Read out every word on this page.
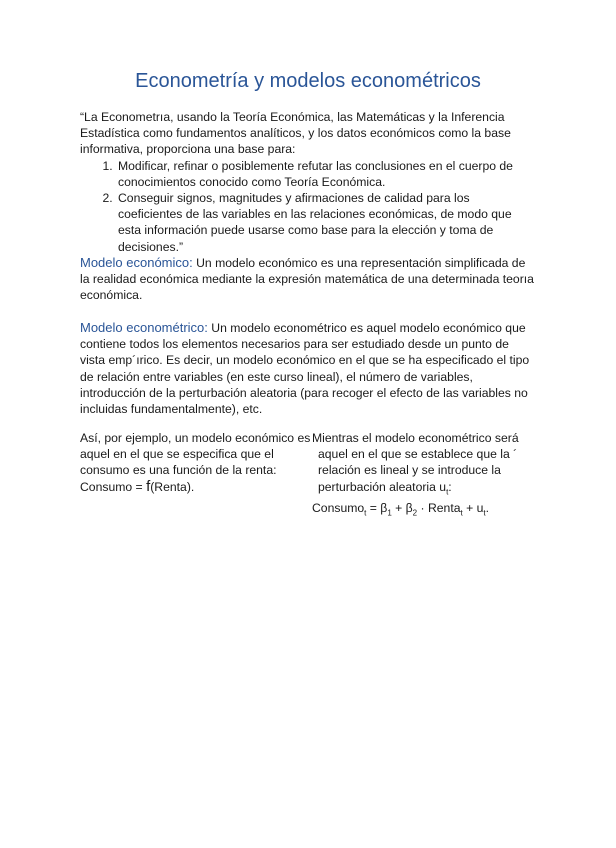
Econometría y modelos econométricos
“La Econometrıa, usando la Teoría Económica, las Matemáticas y la Inferencia Estadística como fundamentos analíticos, y los datos económicos como la base informativa, proporciona una base para:
1. Modificar, refinar o posiblemente refutar las conclusiones en el cuerpo de conocimientos conocido como Teoría Económica.
2. Conseguir signos, magnitudes y afirmaciones de calidad para los coeficientes de las variables en las relaciones económicas, de modo que esta información puede usarse como base para la elección y toma de decisiones.”
Modelo económico: Un modelo económico es una representación simplificada de la realidad económica mediante la expresión matemática de una determinada teorıa económica.
Modelo econométrico: Un modelo econométrico es aquel modelo económico que contiene todos los elementos necesarios para ser estudiado desde un punto de vista emp´ırico. Es decir, un modelo económico en el que se ha especificado el tipo de relación entre variables (en este curso lineal), el número de variables, introducción de la perturbación aleatoria (para recoger el efecto de las variables no incluidas fundamentalmente), etc.
Así, por ejemplo, un modelo económico es
aquel en el que se especifica que el
consumo es una función de la renta:
Consumo = f(Renta).
Mientras el modelo econométrico será
aquel en el que se establece que la ´
relación es lineal y se introduce la
perturbación aleatoria $u_t$:
Consumo$_t$ = $\beta_1 + \beta_2$ · Renta$_t$ + $u_t$.
